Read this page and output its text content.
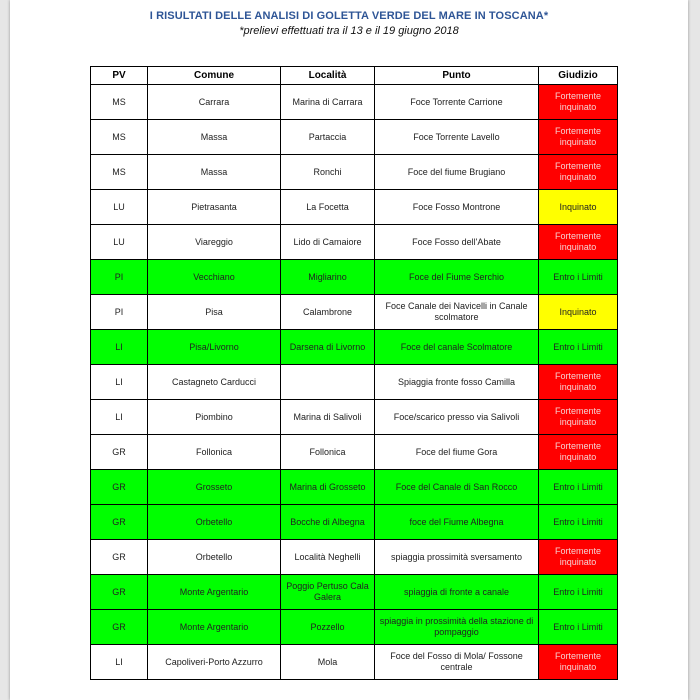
I RISULTATI DELLE ANALISI DI GOLETTA VERDE DEL MARE IN TOSCANA*
*prelievi effettuati tra il 13 e il 19 giugno 2018
PV	Comune	Località	Punto	Giudizio
MS	Carrara	Marina di Carrara	Foce Torrente Carrione	Fortemente inquinato
MS	Massa	Partaccia	Foce Torrente Lavello	Fortemente inquinato
MS	Massa	Ronchi	Foce del fiume Brugiano	Fortemente inquinato
LU	Pietrasanta	La Focetta	Foce Fosso Montrone	Inquinato
LU	Viareggio	Lido di Camaiore	Foce Fosso dell'Abate	Fortemente inquinato
PI	Vecchiano	Migliarino	Foce del Fiume Serchio	Entro i Limiti
PI	Pisa	Calambrone	Foce Canale dei Navicelli in Canale scolmatore	Inquinato
LI	Pisa/Livorno	Darsena di Livorno	Foce del canale Scolmatore	Entro i Limiti
LI	Castagneto Carducci		Spiaggia fronte fosso Camilla	Fortemente inquinato
LI	Piombino	Marina di Salivoli	Foce/scarico presso via Salivoli	Fortemente inquinato
GR	Follonica	Follonica	Foce del fiume Gora	Fortemente inquinato
GR	Grosseto	Marina di Grosseto	Foce del Canale di San Rocco	Entro i Limiti
GR	Orbetello	Bocche di Albegna	foce del Fiume Albegna	Entro i Limiti
GR	Orbetello	Località Neghelli	spiaggia prossimità sversamento	Fortemente inquinato
GR	Monte Argentario	Poggio Pertuso Cala Galera	spiaggia di fronte a canale	Entro i Limiti
GR	Monte Argentario	Pozzello	spiaggia in prossimità della stazione di pompaggio	Entro i Limiti
LI	Capoliveri-Porto Azzurro	Mola	Foce del Fosso di Mola/ Fossone centrale	Fortemente inquinato
